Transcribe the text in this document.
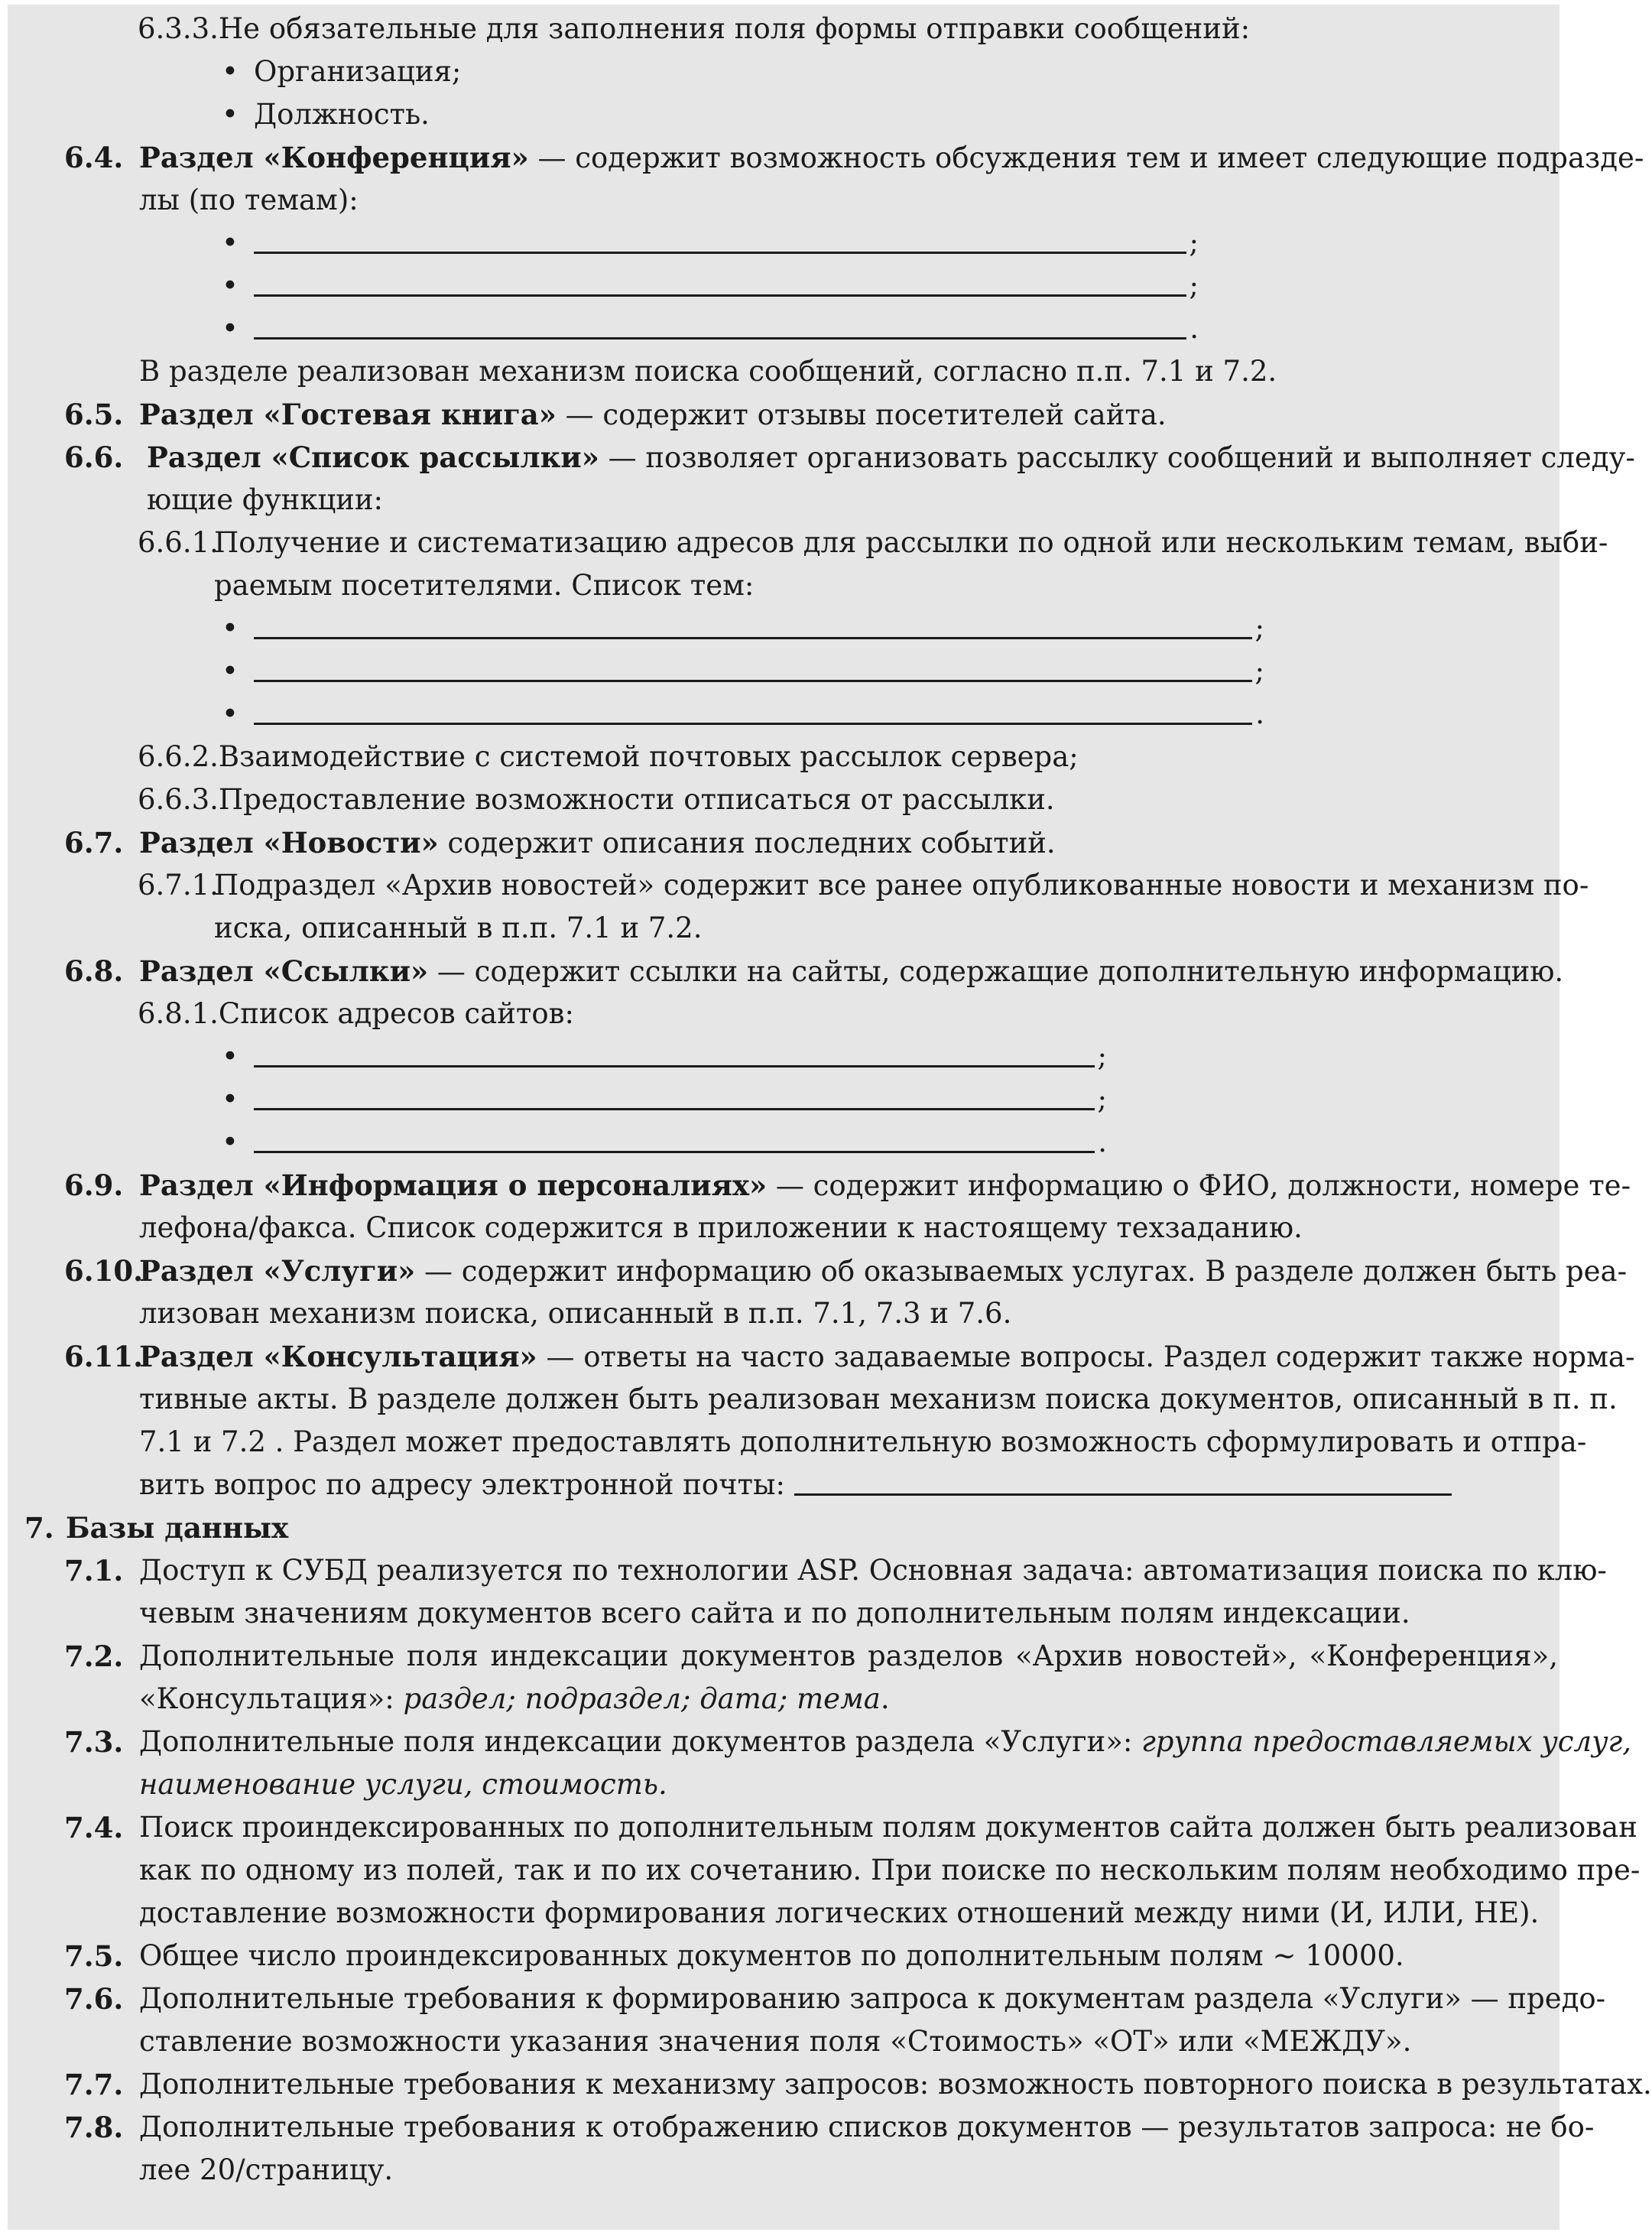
6.3.3.Не обязательные для заполнения поля формы отправки сообщений:
•
Организация;
•
Должность.
6.4. Раздел «Конференция» — содержит возможность обсуждения тем и имеет следующие подразде-
лы (по темам):
•
;
•
;
•
.
В разделе реализован механизм поиска сообщений, согласно п.п. 7.1 и 7.2.
6.5. Раздел «Гостевая книга» — содержит отзывы посетителей сайта.
6.6. Раздел «Список рассылки» — позволяет организовать рассылку сообщений и выполняет следу-
ющие функции:
6.6.1.
Получение и систематизацию адресов для рассылки по одной или нескольким темам, выби-
раемым посетителями. Список тем:
•
;
•
;
•
.
6.6.2.Взаимодействие с системой почтовых рассылок сервера;
6.6.3.Предоставление возможности отписаться от рассылки.
6.7. Раздел «Новости» содержит описания последних событий.
6.7.1.
Подраздел «Архив новостей» содержит все ранее опубликованные новости и механизм по-
иска, описанный в п.п. 7.1 и 7.2.
6.8. Раздел «Ссылки» — содержит ссылки на сайты, содержащие дополнительную информацию.
6.8.1.Список адресов сайтов:
•
;
•
;
•
.
6.9. Раздел «Информация о персоналиях» — содержит информацию о ФИО, должности, номере те-
лефона/факса. Список содержится в приложении к настоящему техзаданию.
6.10.
Раздел «Услуги» — содержит информацию об оказываемых услугах. В разделе должен быть реа-
лизован механизм поиска, описанный в п.п. 7.1, 7.3 и 7.6.
6.11.
Раздел «Консультация» — ответы на часто задаваемые вопросы. Раздел содержит также норма-
тивные акты. В разделе должен быть реализован механизм поиска документов, описанный в п. п.
7.1 и 7.2 . Раздел может предоставлять дополнительную возможность сформулировать и отпра-
вить вопрос по адресу электронной почты:
7. Базы данных
7.1. Доступ к СУБД реализуется по технологии ASP. Основная задача: автоматизация поиска по клю-
чевым значениям документов всего сайта и по дополнительным полям индексации.
7.2. Дополнительные поля индексации документов разделов «Архив новостей», «Конференция»,
«Консультация»: раздел; подраздел; дата; тема.
7.3. Дополнительные поля индексации документов раздела «Услуги»: группа предоставляемых услуг,
наименование услуги, стоимость.
7.4. Поиск проиндексированных по дополнительным полям документов сайта должен быть реализован
как по одному из полей, так и по их сочетанию. При поиске по нескольким полям необходимо пре-
доставление возможности формирования логических отношений между ними (И, ИЛИ, НЕ).
7.5. Общее число проиндексированных документов по дополнительным полям ~ 10000.
7.6. Дополнительные требования к формированию запроса к документам раздела «Услуги» — предо-
ставление возможности указания значения поля «Стоимость» «ОТ» или «МЕЖДУ».
7.7. Дополнительные требования к механизму запросов: возможность повторного поиска в результатах.
7.8. Дополнительные требования к отображению списков документов — результатов запроса: не бо-
лее 20/страницу.
